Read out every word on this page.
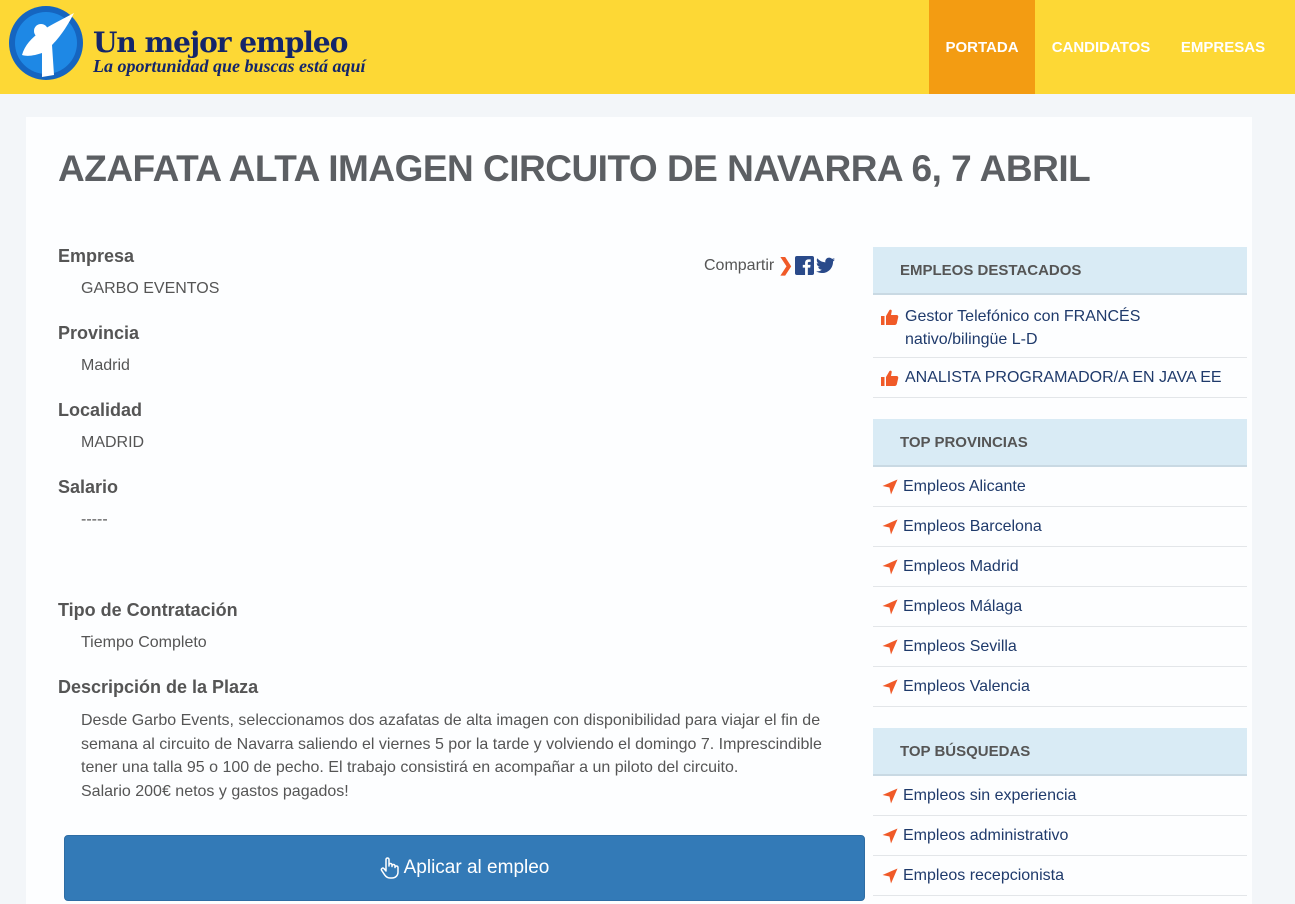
Un mejor empleo
La oportunidad que buscas está aquí
PORTADA	CANDIDATOS	EMPRESAS
AZAFATA ALTA IMAGEN CIRCUITO DE NAVARRA 6, 7 ABRIL
Compartir ❯
Empresa
GARBO EVENTOS
Provincia
Madrid
Localidad
MADRID
Salario
-----
Tipo de Contratación
Tiempo Completo
Descripción de la Plaza

Desde Garbo Events, seleccionamos dos azafatas de alta imagen con disponibilidad para viajar el fin de semana al circuito de Navarra saliendo el viernes 5 por la tarde y volviendo el domingo 7. Imprescindible tener una talla 95 o 100 de pecho. El trabajo consistirá en acompañar a un piloto del circuito.

Salario 200€ netos y gastos pagados!

Aplicar al empleo
EMPLEOS DESTACADOS
Gestor Telefónico con FRANCÉS nativo/bilingüe L-D
ANALISTA PROGRAMADOR/A EN JAVA EE
TOP PROVINCIAS
Empleos Alicante
Empleos Barcelona
Empleos Madrid
Empleos Málaga
Empleos Sevilla
Empleos Valencia
TOP BÚSQUEDAS
Empleos sin experiencia
Empleos administrativo
Empleos recepcionista
